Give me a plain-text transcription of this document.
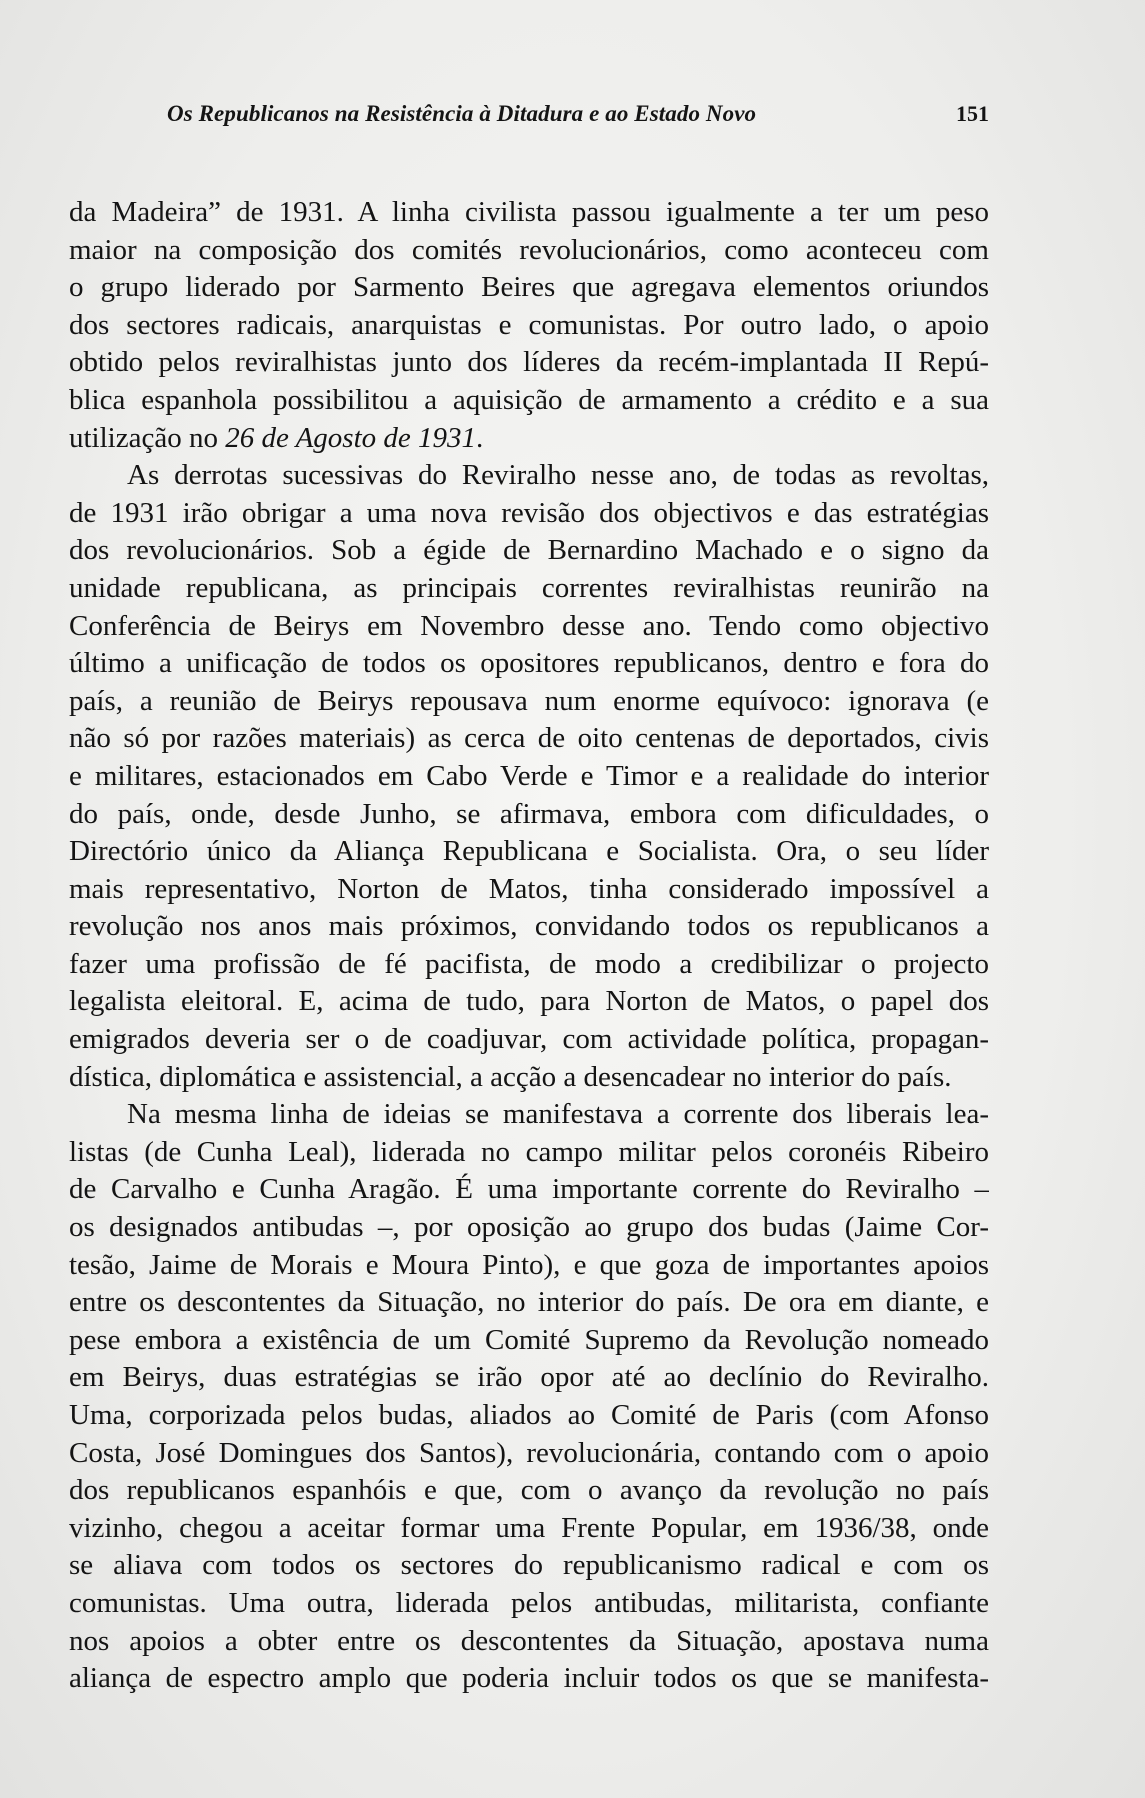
Os Republicanos na Resistência à Ditadura e ao Estado Novo	151
da Madeira” de 1931. A linha civilista passou igualmente a ter um peso
maior na composição dos comités revolucionários, como aconteceu com
o grupo liderado por Sarmento Beires que agregava elementos oriundos
dos sectores radicais, anarquistas e comunistas. Por outro lado, o apoio
obtido pelos reviralhistas junto dos líderes da recém-implantada II Repú-
blica espanhola possibilitou a aquisição de armamento a crédito e a sua
utilização no 26 de Agosto de 1931.
As derrotas sucessivas do Reviralho nesse ano, de todas as revoltas,
de 1931 irão obrigar a uma nova revisão dos objectivos e das estratégias
dos revolucionários. Sob a égide de Bernardino Machado e o signo da
unidade republicana, as principais correntes reviralhistas reunirão na
Conferência de Beirys em Novembro desse ano. Tendo como objectivo
último a unificação de todos os opositores republicanos, dentro e fora do
país, a reunião de Beirys repousava num enorme equívoco: ignorava (e
não só por razões materiais) as cerca de oito centenas de deportados, civis
e militares, estacionados em Cabo Verde e Timor e a realidade do interior
do país, onde, desde Junho, se afirmava, embora com dificuldades, o
Directório único da Aliança Republicana e Socialista. Ora, o seu líder
mais representativo, Norton de Matos, tinha considerado impossível a
revolução nos anos mais próximos, convidando todos os republicanos a
fazer uma profissão de fé pacifista, de modo a credibilizar o projecto
legalista eleitoral. E, acima de tudo, para Norton de Matos, o papel dos
emigrados deveria ser o de coadjuvar, com actividade política, propagan-
dística, diplomática e assistencial, a acção a desencadear no interior do país.
Na mesma linha de ideias se manifestava a corrente dos liberais lea-
listas (de Cunha Leal), liderada no campo militar pelos coronéis Ribeiro
de Carvalho e Cunha Aragão. É uma importante corrente do Reviralho –
os designados antibudas –, por oposição ao grupo dos budas (Jaime Cor-
tesão, Jaime de Morais e Moura Pinto), e que goza de importantes apoios
entre os descontentes da Situação, no interior do país. De ora em diante, e
pese embora a existência de um Comité Supremo da Revolução nomeado
em Beirys, duas estratégias se irão opor até ao declínio do Reviralho.
Uma, corporizada pelos budas, aliados ao Comité de Paris (com Afonso
Costa, José Domingues dos Santos), revolucionária, contando com o apoio
dos republicanos espanhóis e que, com o avanço da revolução no país
vizinho, chegou a aceitar formar uma Frente Popular, em 1936/38, onde
se aliava com todos os sectores do republicanismo radical e com os
comunistas. Uma outra, liderada pelos antibudas, militarista, confiante
nos apoios a obter entre os descontentes da Situação, apostava numa
aliança de espectro amplo que poderia incluir todos os que se manifesta-
